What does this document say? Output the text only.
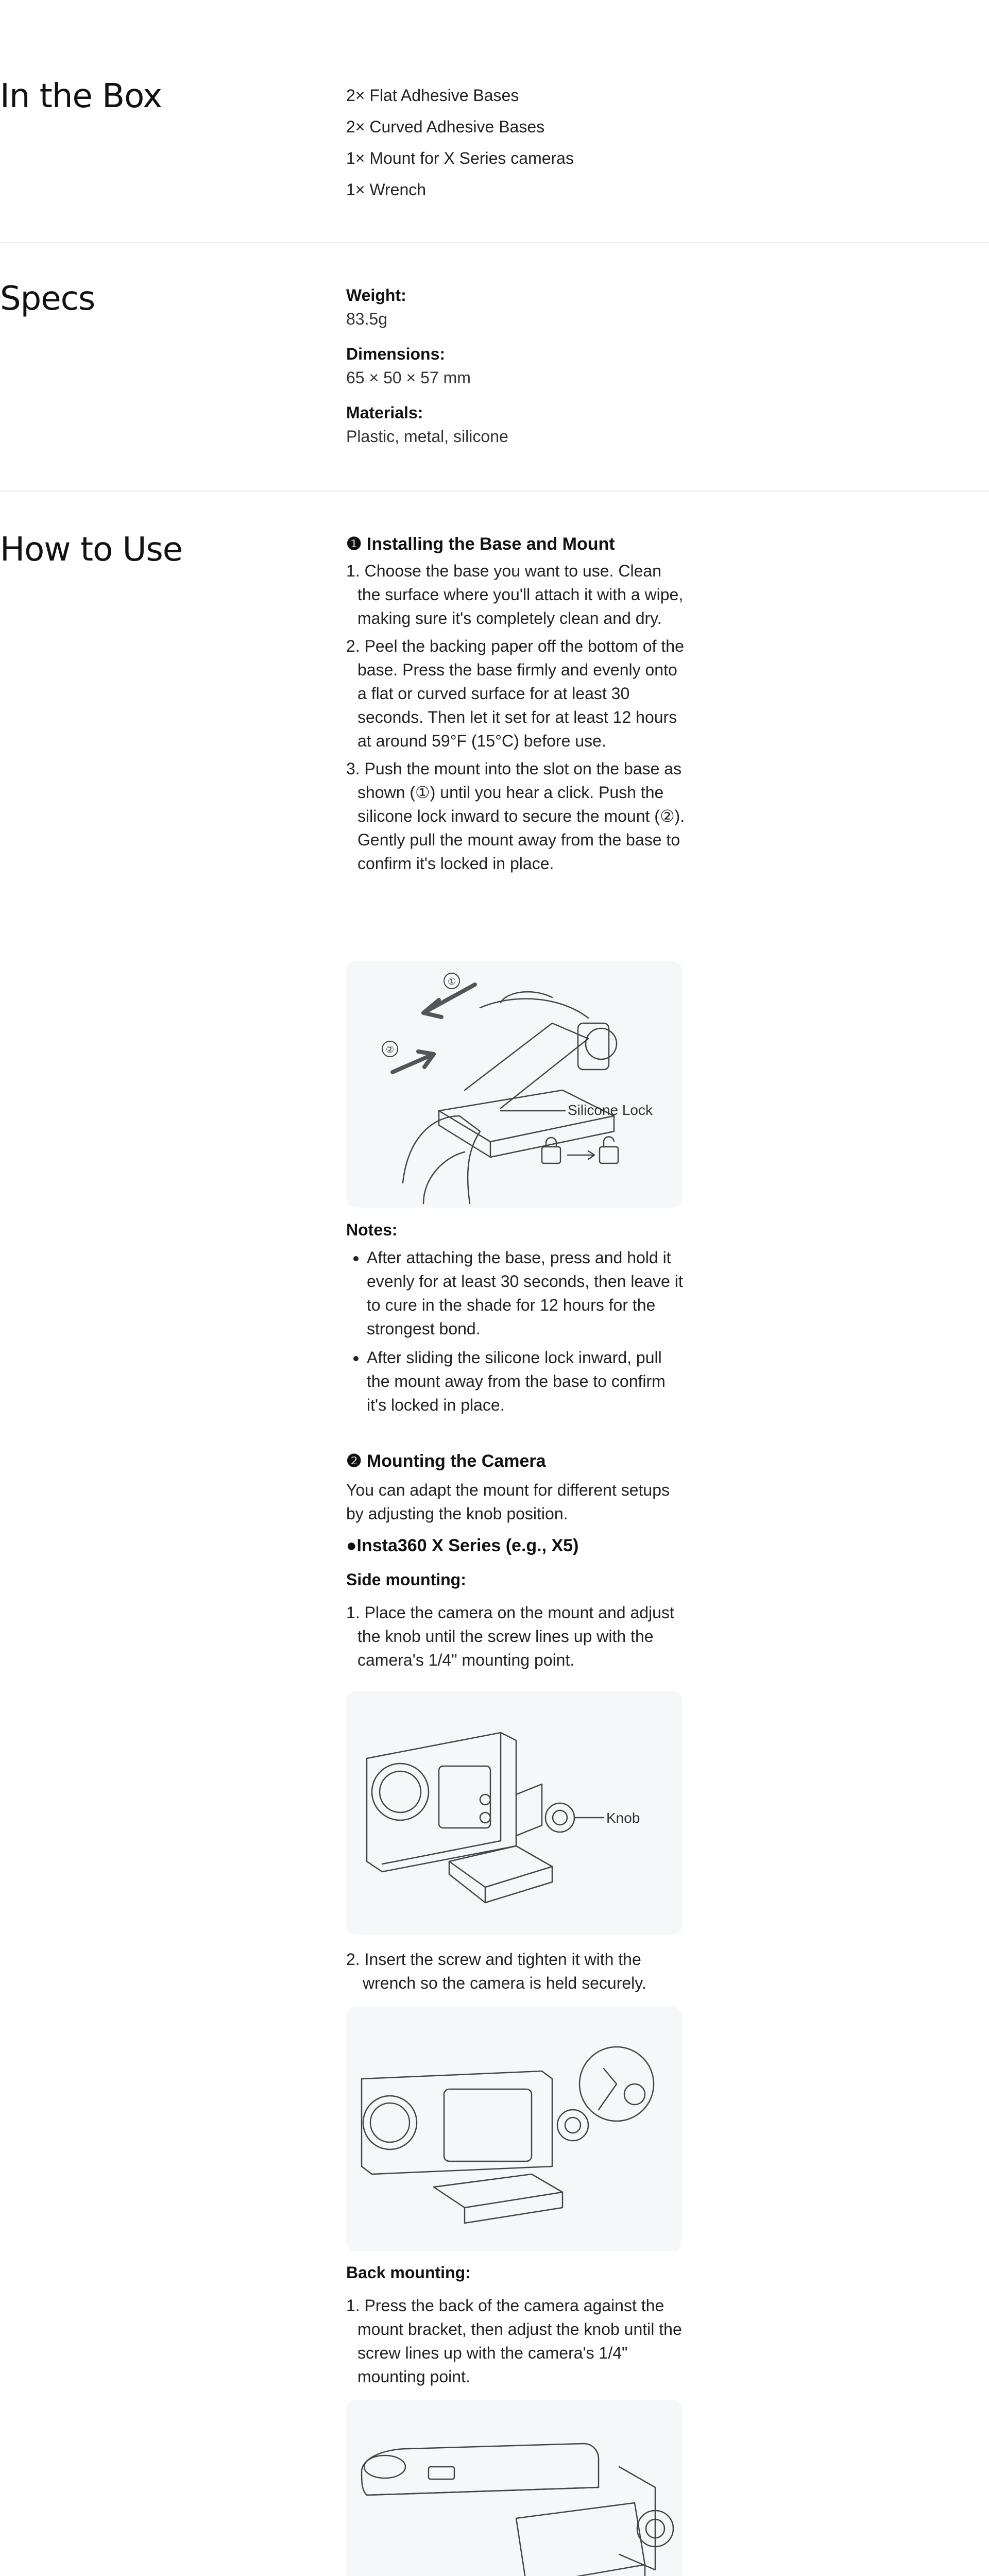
In the Box	2× Flat Adhesive Bases
2× Curved Adhesive Bases
1× Mount for X Series cameras
1× Wrench
Specs	Weight:
83.5g
Dimensions:
65 × 50 × 57 mm
Materials:
Plastic, metal, silicone
How to Use	❶ Installing the Base and Mount
1. Choose the base you want to use. Clean the surface where you'll attach it with a wipe, making sure it's completely clean and dry.
2. Peel the backing paper off the bottom of the base. Press the base firmly and evenly onto a flat or curved surface for at least 30 seconds. Then let it set for at least 12 hours at around 59°F (15°C) before use.
3. Push the mount into the slot on the base as shown (①) until you hear a click. Push the silicone lock inward to secure the mount (②). Gently pull the mount away from the base to confirm it's locked in place.
①
②
Silicone Lock
Notes:
• After attaching the base, press and hold it evenly for at least 30 seconds, then leave it to cure in the shade for 12 hours for the strongest bond.
• After sliding the silicone lock inward, pull the mount away from the base to confirm it's locked in place.
❷ Mounting the Camera

You can adapt the mount for different setups by adjusting the knob position.

●Insta360 X Series (e.g., X5)
Side mounting:

1. Place the camera on the mount and adjust the knob until the screw lines up with the camera's 1/4" mounting point.

Knob

2. Insert the screw and tighten it with the wrench so the camera is held securely.

Back mounting:

1. Press the back of the camera against the mount bracket, then adjust the knob until the screw lines up with the camera's 1/4" mounting point.
